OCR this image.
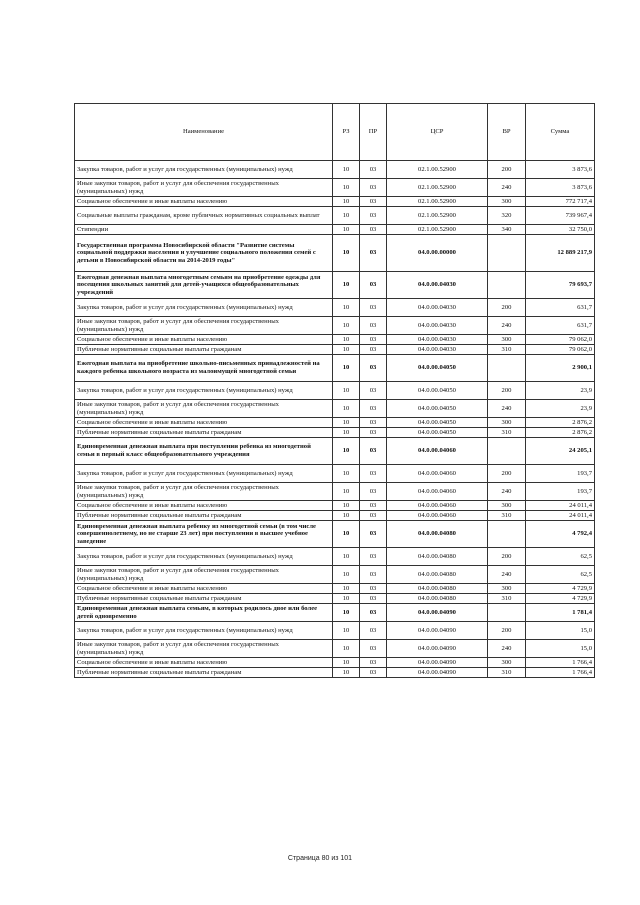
Наименование	РЗ	ПР	ЦСР	ВР	Сумма
Закупка товаров, работ и услуг для государственных (муниципальных) нужд	10	03	02.1.00.52900	200	3 873,6
Иные закупки товаров, работ и услуг для обеспечения государственных (муниципальных) нужд	10	03	02.1.00.52900	240	3 873,6
Социальное обеспечение и иные выплаты населению	10	03	02.1.00.52900	300	772 717,4
Социальные выплаты гражданам, кроме публичных нормативных социальных выплат	10	03	02.1.00.52900	320	739 967,4
Стипендии	10	03	02.1.00.52900	340	32 750,0
Государственная программа Новосибирской области "Развитие системы социальной поддержки населения и улучшение социального положения семей с детьми в Новосибирской области на 2014-2019 годы"	10	03	04.0.00.00000		12 889 217,9
Ежегодная денежная выплата многодетным семьям на приобретение одежды для посещения школьных занятий для детей-учащихся общеобразовательных учреждений	10	03	04.0.00.04030		79 693,7
Закупка товаров, работ и услуг для государственных (муниципальных) нужд	10	03	04.0.00.04030	200	631,7
Иные закупки товаров, работ и услуг для обеспечения государственных (муниципальных) нужд	10	03	04.0.00.04030	240	631,7
Социальное обеспечение и иные выплаты населению	10	03	04.0.00.04030	300	79 062,0
Публичные нормативные социальные выплаты гражданам	10	03	04.0.00.04030	310	79 062,0
Ежегодная выплата на приобретение школьно-письменных принадлежностей на каждого ребенка школьного возраста из малоимущей многодетной семьи	10	03	04.0.00.04050		2 900,1
Закупка товаров, работ и услуг для государственных (муниципальных) нужд	10	03	04.0.00.04050	200	23,9
Иные закупки товаров, работ и услуг для обеспечения государственных (муниципальных) нужд	10	03	04.0.00.04050	240	23,9
Социальное обеспечение и иные выплаты населению	10	03	04.0.00.04050	300	2 876,2
Публичные нормативные социальные выплаты гражданам	10	03	04.0.00.04050	310	2 876,2
Единовременная денежная выплата при поступлении ребенка из многодетной семьи в первый класс общеобразовательного учреждения	10	03	04.0.00.04060		24 205,1
Закупка товаров, работ и услуг для государственных (муниципальных) нужд	10	03	04.0.00.04060	200	193,7
Иные закупки товаров, работ и услуг для обеспечения государственных (муниципальных) нужд	10	03	04.0.00.04060	240	193,7
Социальное обеспечение и иные выплаты населению	10	03	04.0.00.04060	300	24 011,4
Публичные нормативные социальные выплаты гражданам	10	03	04.0.00.04060	310	24 011,4
Единовременная денежная выплата ребенку из многодетной семьи (в том числе совершеннолетнему, но не старше 23 лет) при поступлении в высшее учебное заведение	10	03	04.0.00.04080		4 792,4
Закупка товаров, работ и услуг для государственных (муниципальных) нужд	10	03	04.0.00.04080	200	62,5
Иные закупки товаров, работ и услуг для обеспечения государственных (муниципальных) нужд	10	03	04.0.00.04080	240	62,5
Социальное обеспечение и иные выплаты населению	10	03	04.0.00.04080	300	4 729,9
Публичные нормативные социальные выплаты гражданам	10	03	04.0.00.04080	310	4 729,9
Единовременная денежная выплата семьям, в которых родилось двое или более детей одновременно	10	03	04.0.00.04090		1 781,4
Закупка товаров, работ и услуг для государственных (муниципальных) нужд	10	03	04.0.00.04090	200	15,0
Иные закупки товаров, работ и услуг для обеспечения государственных (муниципальных) нужд	10	03	04.0.00.04090	240	15,0
Социальное обеспечение и иные выплаты населению	10	03	04.0.00.04090	300	1 766,4
Публичные нормативные социальные выплаты гражданам	10	03	04.0.00.04090	310	1 766,4
Страница 80 из 101
